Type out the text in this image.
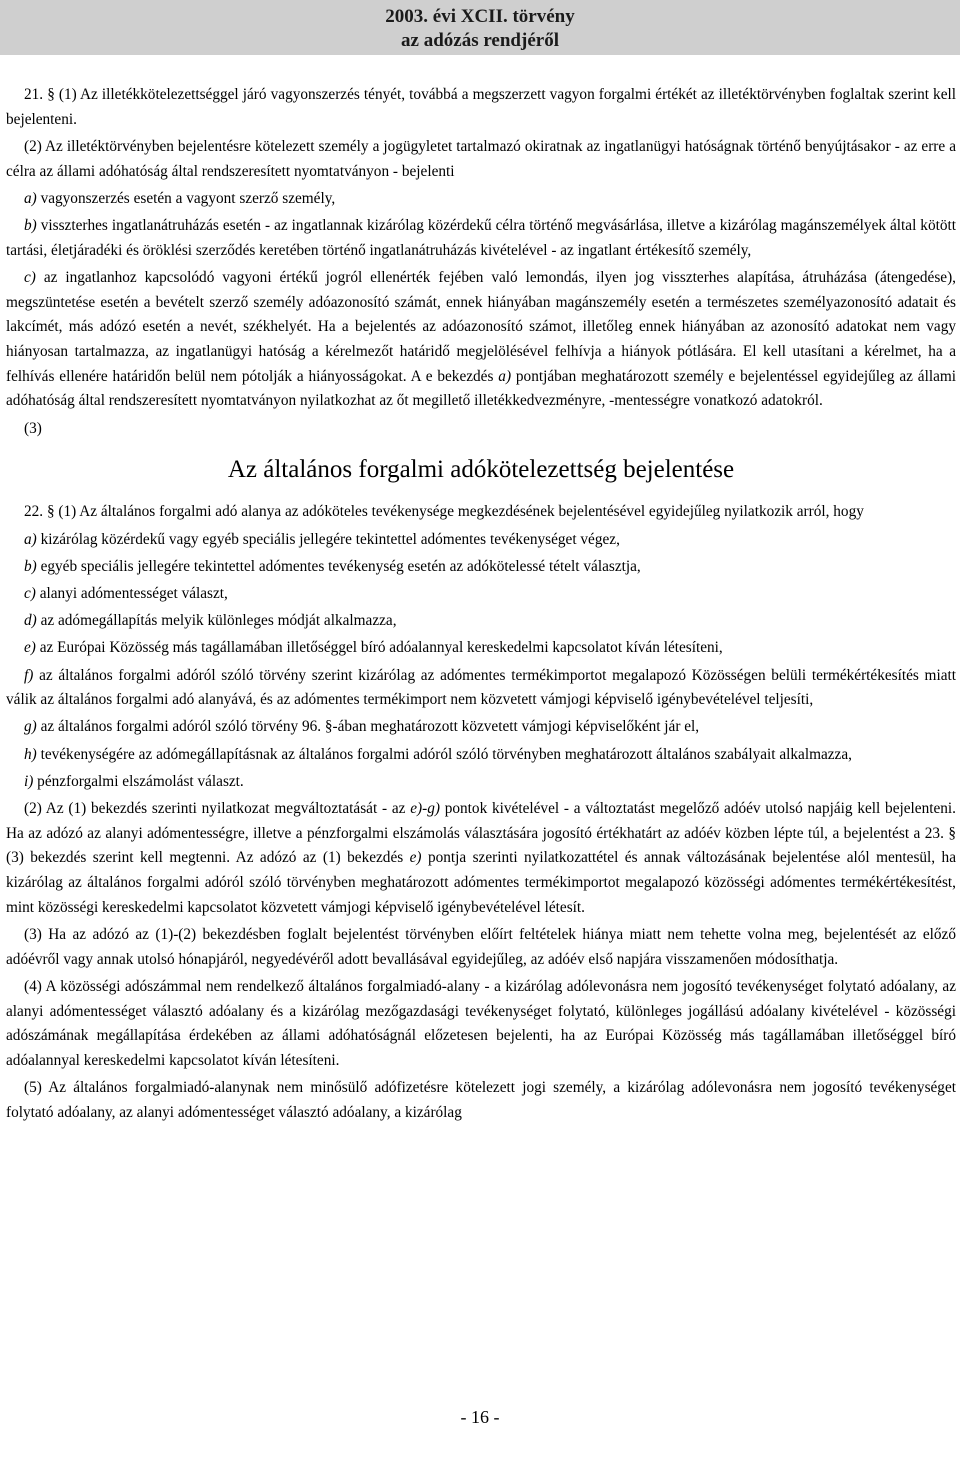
2003. évi XCII. törvény
az adózás rendjéről

21. § (1) Az illetékkötelezettséggel járó vagyonszerzés tényét, továbbá a megszerzett vagyon forgalmi értékét az illetéktörvényben foglaltak szerint kell bejelenteni.

(2) Az illetéktörvényben bejelentésre kötelezett személy a jogügyletet tartalmazó okiratnak az ingatlanügyi hatóságnak történő benyújtásakor - az erre a célra az állami adóhatóság által rendszeresített nyomtatványon - bejelenti

a) vagyonszerzés esetén a vagyont szerző személy,

b) visszterhes ingatlanátruházás esetén - az ingatlannak kizárólag közérdekű célra történő megvásárlása, illetve a kizárólag magánszemélyek által kötött tartási, életjáradéki és öröklési szerződés keretében történő ingatlanátruházás kivételével - az ingatlant értékesítő személy,

c) az ingatlanhoz kapcsolódó vagyoni értékű jogról ellenérték fejében való lemondás, ilyen jog visszterhes alapítása, átruházása (átengedése), megszüntetése esetén a bevételt szerző személy adóazonosító számát, ennek hiányában magánszemély esetén a természetes személyazonosító adatait és lakcímét, más adózó esetén a nevét, székhelyét. Ha a bejelentés az adóazonosító számot, illetőleg ennek hiányában az azonosító adatokat nem vagy hiányosan tartalmazza, az ingatlanügyi hatóság a kérelmezőt határidő megjelölésével felhívja a hiányok pótlására. El kell utasítani a kérelmet, ha a felhívás ellenére határidőn belül nem pótolják a hiányosságokat. A e bekezdés a) pontjában meghatározott személy e bejelentéssel egyidejűleg az állami adóhatóság által rendszeresített nyomtatványon nyilatkozhat az őt megillető illetékkedvezményre, -mentességre vonatkozó adatokról.

(3)

Az általános forgalmi adókötelezettség bejelentése

22. § (1) Az általános forgalmi adó alanya az adóköteles tevékenysége megkezdésének bejelentésével egyidejűleg nyilatkozik arról, hogy

a) kizárólag közérdekű vagy egyéb speciális jellegére tekintettel adómentes tevékenységet végez,

b) egyéb speciális jellegére tekintettel adómentes tevékenység esetén az adókötelessé tételt választja,

c) alanyi adómentességet választ,

d) az adómegállapítás melyik különleges módját alkalmazza,

e) az Európai Közösség más tagállamában illetőséggel bíró adóalannyal kereskedelmi kapcsolatot kíván létesíteni,

f) az általános forgalmi adóról szóló törvény szerint kizárólag az adómentes termékimportot megalapozó Közösségen belüli termékértékesítés miatt válik az általános forgalmi adó alanyává, és az adómentes termékimport nem közvetett vámjogi képviselő igénybevételével teljesíti,

g) az általános forgalmi adóról szóló törvény 96. §-ában meghatározott közvetett vámjogi képviselőként jár el,

h) tevékenységére az adómegállapításnak az általános forgalmi adóról szóló törvényben meghatározott általános szabályait alkalmazza,

i) pénzforgalmi elszámolást választ.

(2) Az (1) bekezdés szerinti nyilatkozat megváltoztatását - az e)-g) pontok kivételével - a változtatást megelőző adóév utolsó napjáig kell bejelenteni. Ha az adózó az alanyi adómentességre, illetve a pénzforgalmi elszámolás választására jogosító értékhatárt az adóév közben lépte túl, a bejelentést a 23. § (3) bekezdés szerint kell megtenni. Az adózó az (1) bekezdés e) pontja szerinti nyilatkozattétel és annak változásának bejelentése alól mentesül, ha kizárólag az általános forgalmi adóról szóló törvényben meghatározott adómentes termékimportot megalapozó közösségi adómentes termékértékesítést, mint közösségi kereskedelmi kapcsolatot közvetett vámjogi képviselő igénybevételével létesít.

(3) Ha az adózó az (1)-(2) bekezdésben foglalt bejelentést törvényben előírt feltételek hiánya miatt nem tehette volna meg, bejelentését az előző adóévről vagy annak utolsó hónapjáról, negyedévéről adott bevallásával egyidejűleg, az adóév első napjára visszamenően módosíthatja.

(4) A közösségi adószámmal nem rendelkező általános forgalmiadó-alany - a kizárólag adólevonásra nem jogosító tevékenységet folytató adóalany, az alanyi adómentességet választó adóalany és a kizárólag mezőgazdasági tevékenységet folytató, különleges jogállású adóalany kivételével - közösségi adószámának megállapítása érdekében az állami adóhatóságnál előzetesen bejelenti, ha az Európai Közösség más tagállamában illetőséggel bíró adóalannyal kereskedelmi kapcsolatot kíván létesíteni.

(5) Az általános forgalmiadó-alanynak nem minősülő adófizetésre kötelezett jogi személy, a kizárólag adólevonásra nem jogosító tevékenységet folytató adóalany, az alanyi adómentességet választó adóalany, a kizárólag

- 16 -
